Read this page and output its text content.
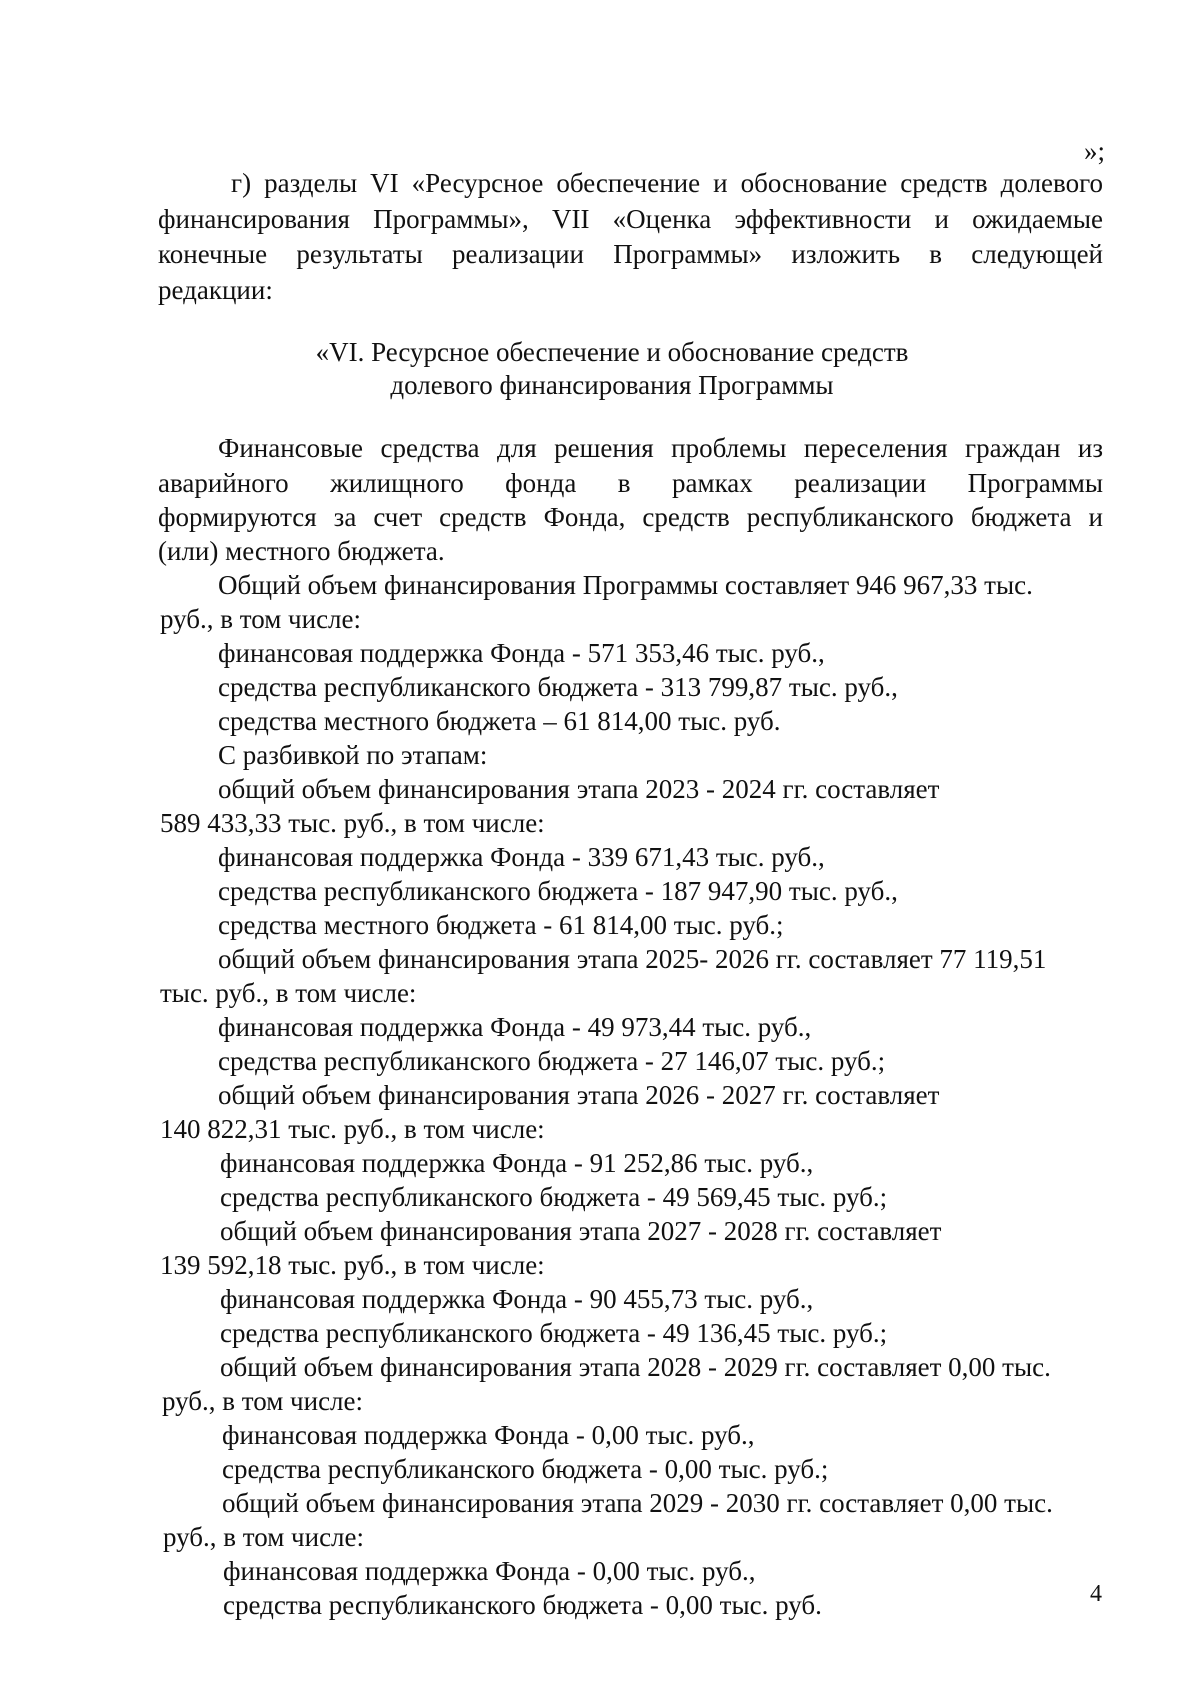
»;
г) разделы VI «Ресурсное обеспечение и обоснование средств долевого
финансирования Программы», VII «Оценка эффективности и ожидаемые
конечные результаты реализации Программы» изложить в следующей
редакции:
«VI. Ресурсное обеспечение и обоснование средств
долевого финансирования Программы
Финансовые средства для решения проблемы переселения граждан из
аварийного жилищного фонда в рамках реализации Программы
формируются за счет средств Фонда, средств республиканского бюджета и
(или) местного бюджета.
Общий объем финансирования Программы составляет 946 967,33 тыс.
руб., в том числе:
финансовая поддержка Фонда - 571 353,46 тыс. руб.,
средства республиканского бюджета - 313 799,87 тыс. руб.,
средства местного бюджета – 61 814,00 тыс. руб.
С разбивкой по этапам:
общий объем финансирования этапа 2023 - 2024 гг. составляет
589 433,33 тыс. руб., в том числе:
финансовая поддержка Фонда - 339 671,43 тыс. руб.,
средства республиканского бюджета - 187 947,90 тыс. руб.,
средства местного бюджета - 61 814,00 тыс. руб.;
общий объем финансирования этапа 2025- 2026 гг. составляет 77 119,51
тыс. руб., в том числе:
финансовая поддержка Фонда - 49 973,44 тыс. руб.,
средства республиканского бюджета - 27 146,07 тыс. руб.;
общий объем финансирования этапа 2026 - 2027 гг. составляет
140 822,31 тыс. руб., в том числе:
финансовая поддержка Фонда - 91 252,86 тыс. руб.,
средства республиканского бюджета - 49 569,45 тыс. руб.;
общий объем финансирования этапа 2027 - 2028 гг. составляет
139 592,18 тыс. руб., в том числе:
финансовая поддержка Фонда - 90 455,73 тыс. руб.,
средства республиканского бюджета - 49 136,45 тыс. руб.;
общий объем финансирования этапа 2028 - 2029 гг. составляет 0,00 тыс.
руб., в том числе:
финансовая поддержка Фонда - 0,00 тыс. руб.,
средства республиканского бюджета - 0,00 тыс. руб.;
общий объем финансирования этапа 2029 - 2030 гг. составляет 0,00 тыс.
руб., в том числе:
финансовая поддержка Фонда - 0,00 тыс. руб.,
средства республиканского бюджета - 0,00 тыс. руб.	4
